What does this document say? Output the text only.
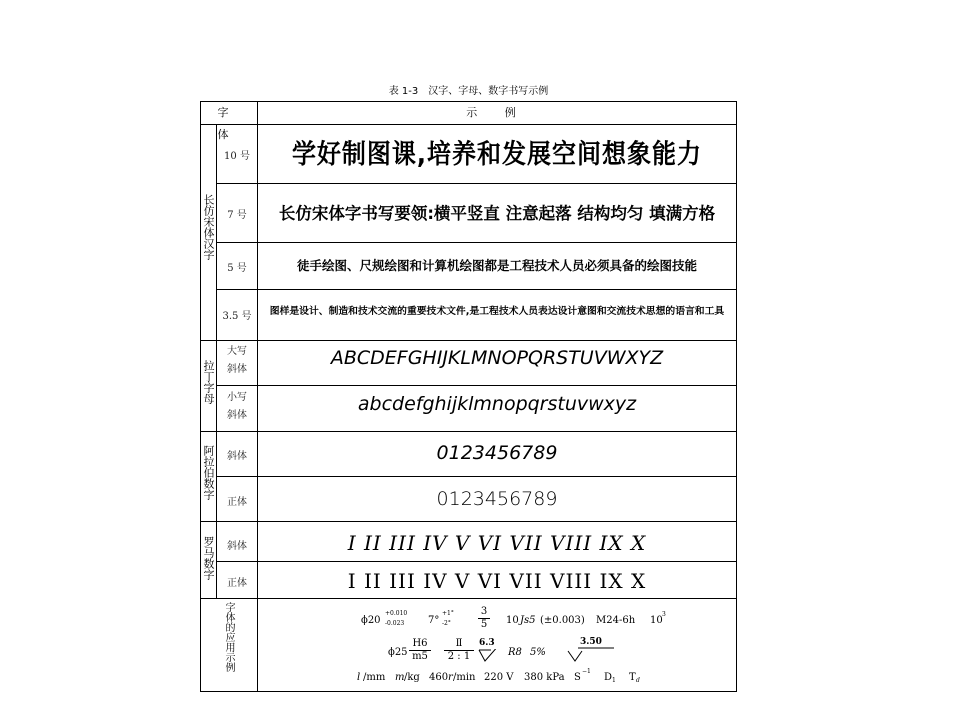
表 1-3　汉字、字母、数字书写示例
字 体
示 例
长仿宋体汉字
拉丁字母
阿拉伯数字
罗马数字
字体的应用示例
10 号
7 号
5 号
3.5 号
大写
斜体
小写
斜体
斜体
正体
斜体
正体
学好制图课,培养和发展空间想象能力
长仿宋体字书写要领:横平竖直 注意起落 结构均匀 填满方格
徒手绘图、尺规绘图和计算机绘图都是工程技术人员必须具备的绘图技能
图样是设计、制造和技术交流的重要技术文件,是工程技术人员表达设计意图和交流技术思想的语言和工具
ABCDEFGHIJKLMNOPQRSTUVWXYZ
abcdefghijklmnopqrstuvwxyz
0123456789
0123456789
I II III IV V VI VII VIII IX X
I II III IV V VI VII VIII IX X
ϕ20
+0.010
-0.023 7°
+1°
-2°
3
5 10 Js5 (±0.003) M24-6h 10
3
ϕ25
H6
m5
Ⅱ
2 : 1
6.3
R8 5%
3.50
l /mm m /kg 460 r /min 220 V 380 kPa S
−1
D 1 T d
